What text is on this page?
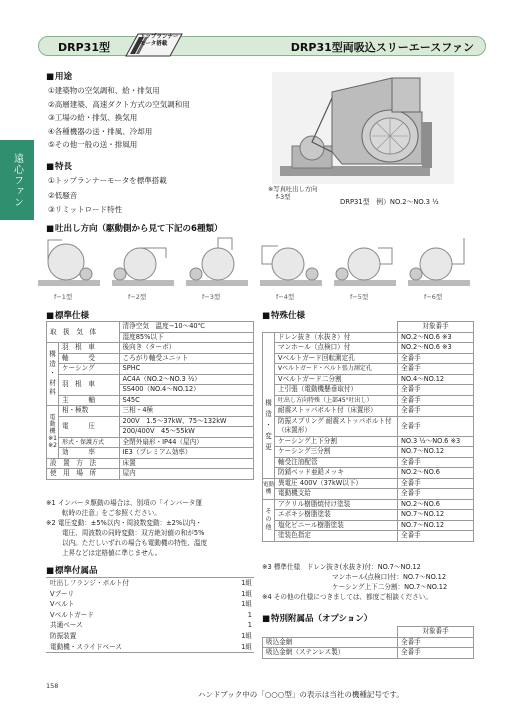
DRP31型
トップランナー
モータ搭載	DRP31型両吸込スリーエースファン
遠心ファン
■ 用途
①建築物の空気調和、給・排気用
②高層建築、高速ダクト方式の空気調和用
③工場の給・排気、換気用
④各種機器の送・排風、冷却用
⑤その他一般の送・排風用
■ 特長
①トップランナーモータを標準搭載
②低騒音
③リミットロード特性
※写真吐出し方向
f-3型
DRP31型　例）NO.2〜NO.3 ½
■ 吐出し方向（駆動側から見て下記の6種類）
f−1型	f−2型	f−3型	f−4型	f−5型	f−6型
■ 標準仕様
取　扱　気　体		清浄空気　温度−10〜40℃
		湿度85%以下

構
造
・
材
料	羽　根　車	後向き（ターボ）
	軸　　　受	ころがり軸受ユニット
	ケーシング	SPHC
	羽　根　車	AC4A（NO.2〜NO.3 ½）
		SS400（NO.4〜NO.12）
	主　　　軸	S45C

電動機
※1
※2	相・極数	三相・4極
	電　　　圧	200V　1.5〜37kW、75〜132kW
		200/400V　45〜55kW
	形式・保護方式	全閉外扇形・IP44（屋内）
	効　　　率	IE3（プレミアム効率）
設　置　方　法		床置
使　用　場　所		屋内
※1 インバータ駆動の場合は、別項の「インバータ運
転時の注意」をご参照ください。
※2 電圧変動：±5%以内・周波数変動：±2%以内・
電圧、周波数の同時変動：双方絶対値の和が5%
以内。ただしいずれの場合も電動機の特性、温度
上昇などは定格値に準じません。
■ 標準付属品
吐出しフランジ・ボルト付	1組
Vプーリ	1組
Vベルト	1組
Vベルトガード	1
共通ベース	1
防振装置	1組
電動機・スライドベース	1組
■ 特殊仕様
		対象番手
	ドレン抜き（水抜き）付	NO.2〜NO.6 ※3
	マンホール（点検口）付	NO.2〜NO.6 ※3
	Vベルトガード回転測定孔	全番手
	Vベルトガード・ベルト張力測定孔	全番手

構
造
・
変
更	Vベルトガード二分割	NO.4〜NO.12
	上引張（電動機懸垂取付）	全番手
	吐出し方向特殊（上部45°吐出し）	全番手
	耐震ストッパボルト付（床置形）	全番手
	防振スプリング 耐震ストッパボルト付（床置形）	全番手
	ケーシング上下分割	NO.3 ½〜NO.6 ※3
	ケーシング三分割	NO.7〜NO.12
	軸受注油配管	全番手
	防錆ベッド亜鉛メッキ	NO.2〜NO.6
電動機	異電圧 400V（37kW以下）	全番手
	電動機支給	全番手
その他	アクリル樹脂焼付け塗装	NO.2〜NO.6
	エポキシ樹脂塗装	NO.7〜NO.12
	塩化ビニール樹脂塗装	NO.7〜NO.12
	塗装色指定	全番手
※3 標準仕様　ドレン抜き(水抜き)付：NO.7〜NO.12
マンホール(点検口)付：NO.7〜NO.12
ケーシング上下二分割：NO.7〜NO.12
※4 その他の仕様につきましては、都度ご相談ください。
■ 特別附属品（オプション）
	対象番手
吸込金網	全番手
吸込金網（ステンレス製）	全番手
ハンドブック中の「○○○型」の表示は当社の機種記号です。
158
